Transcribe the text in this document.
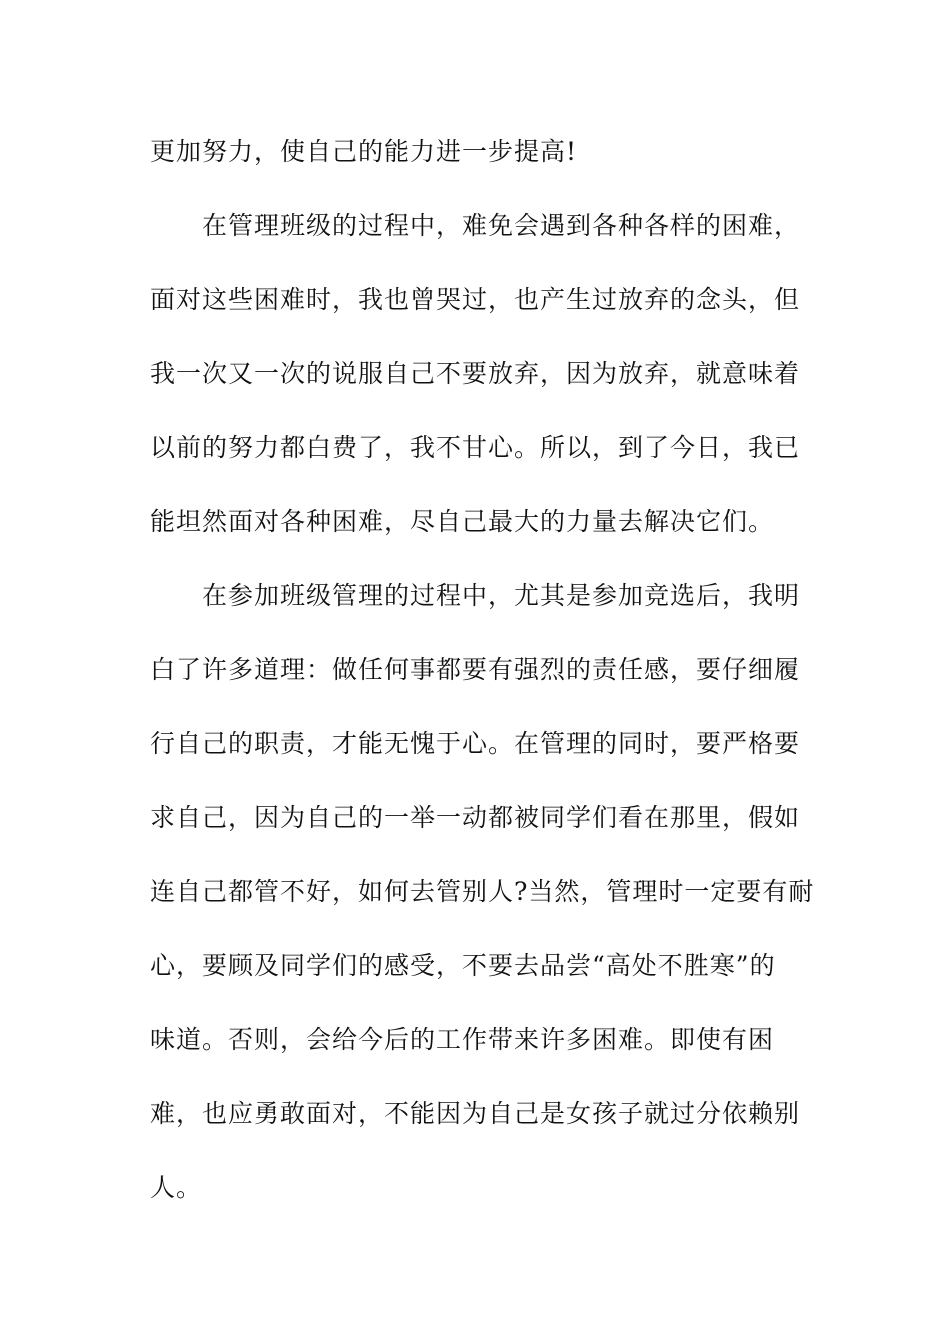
更加努力，使自己的能力进一步提高!

在管理班级的过程中，难免会遇到各种各样的困难，

面对这些困难时，我也曾哭过，也产生过放弃的念头，但

我一次又一次的说服自己不要放弃，因为放弃，就意味着

以前的努力都白费了，我不甘心。所以，到了今日，我已

能坦然面对各种困难，尽自己最大的力量去解决它们。

在参加班级管理的过程中，尤其是参加竞选后，我明

白了许多道理：做任何事都要有强烈的责任感，要仔细履

行自己的职责，才能无愧于心。在管理的同时，要严格要

求自己，因为自己的一举一动都被同学们看在那里，假如

连自己都管不好，如何去管别人?当然，管理时一定要有耐

心，要顾及同学们的感受，不要去品尝“高处不胜寒”的

味道。否则，会给今后的工作带来许多困难。即使有困

难，也应勇敢面对，不能因为自己是女孩子就过分依赖别

人。
